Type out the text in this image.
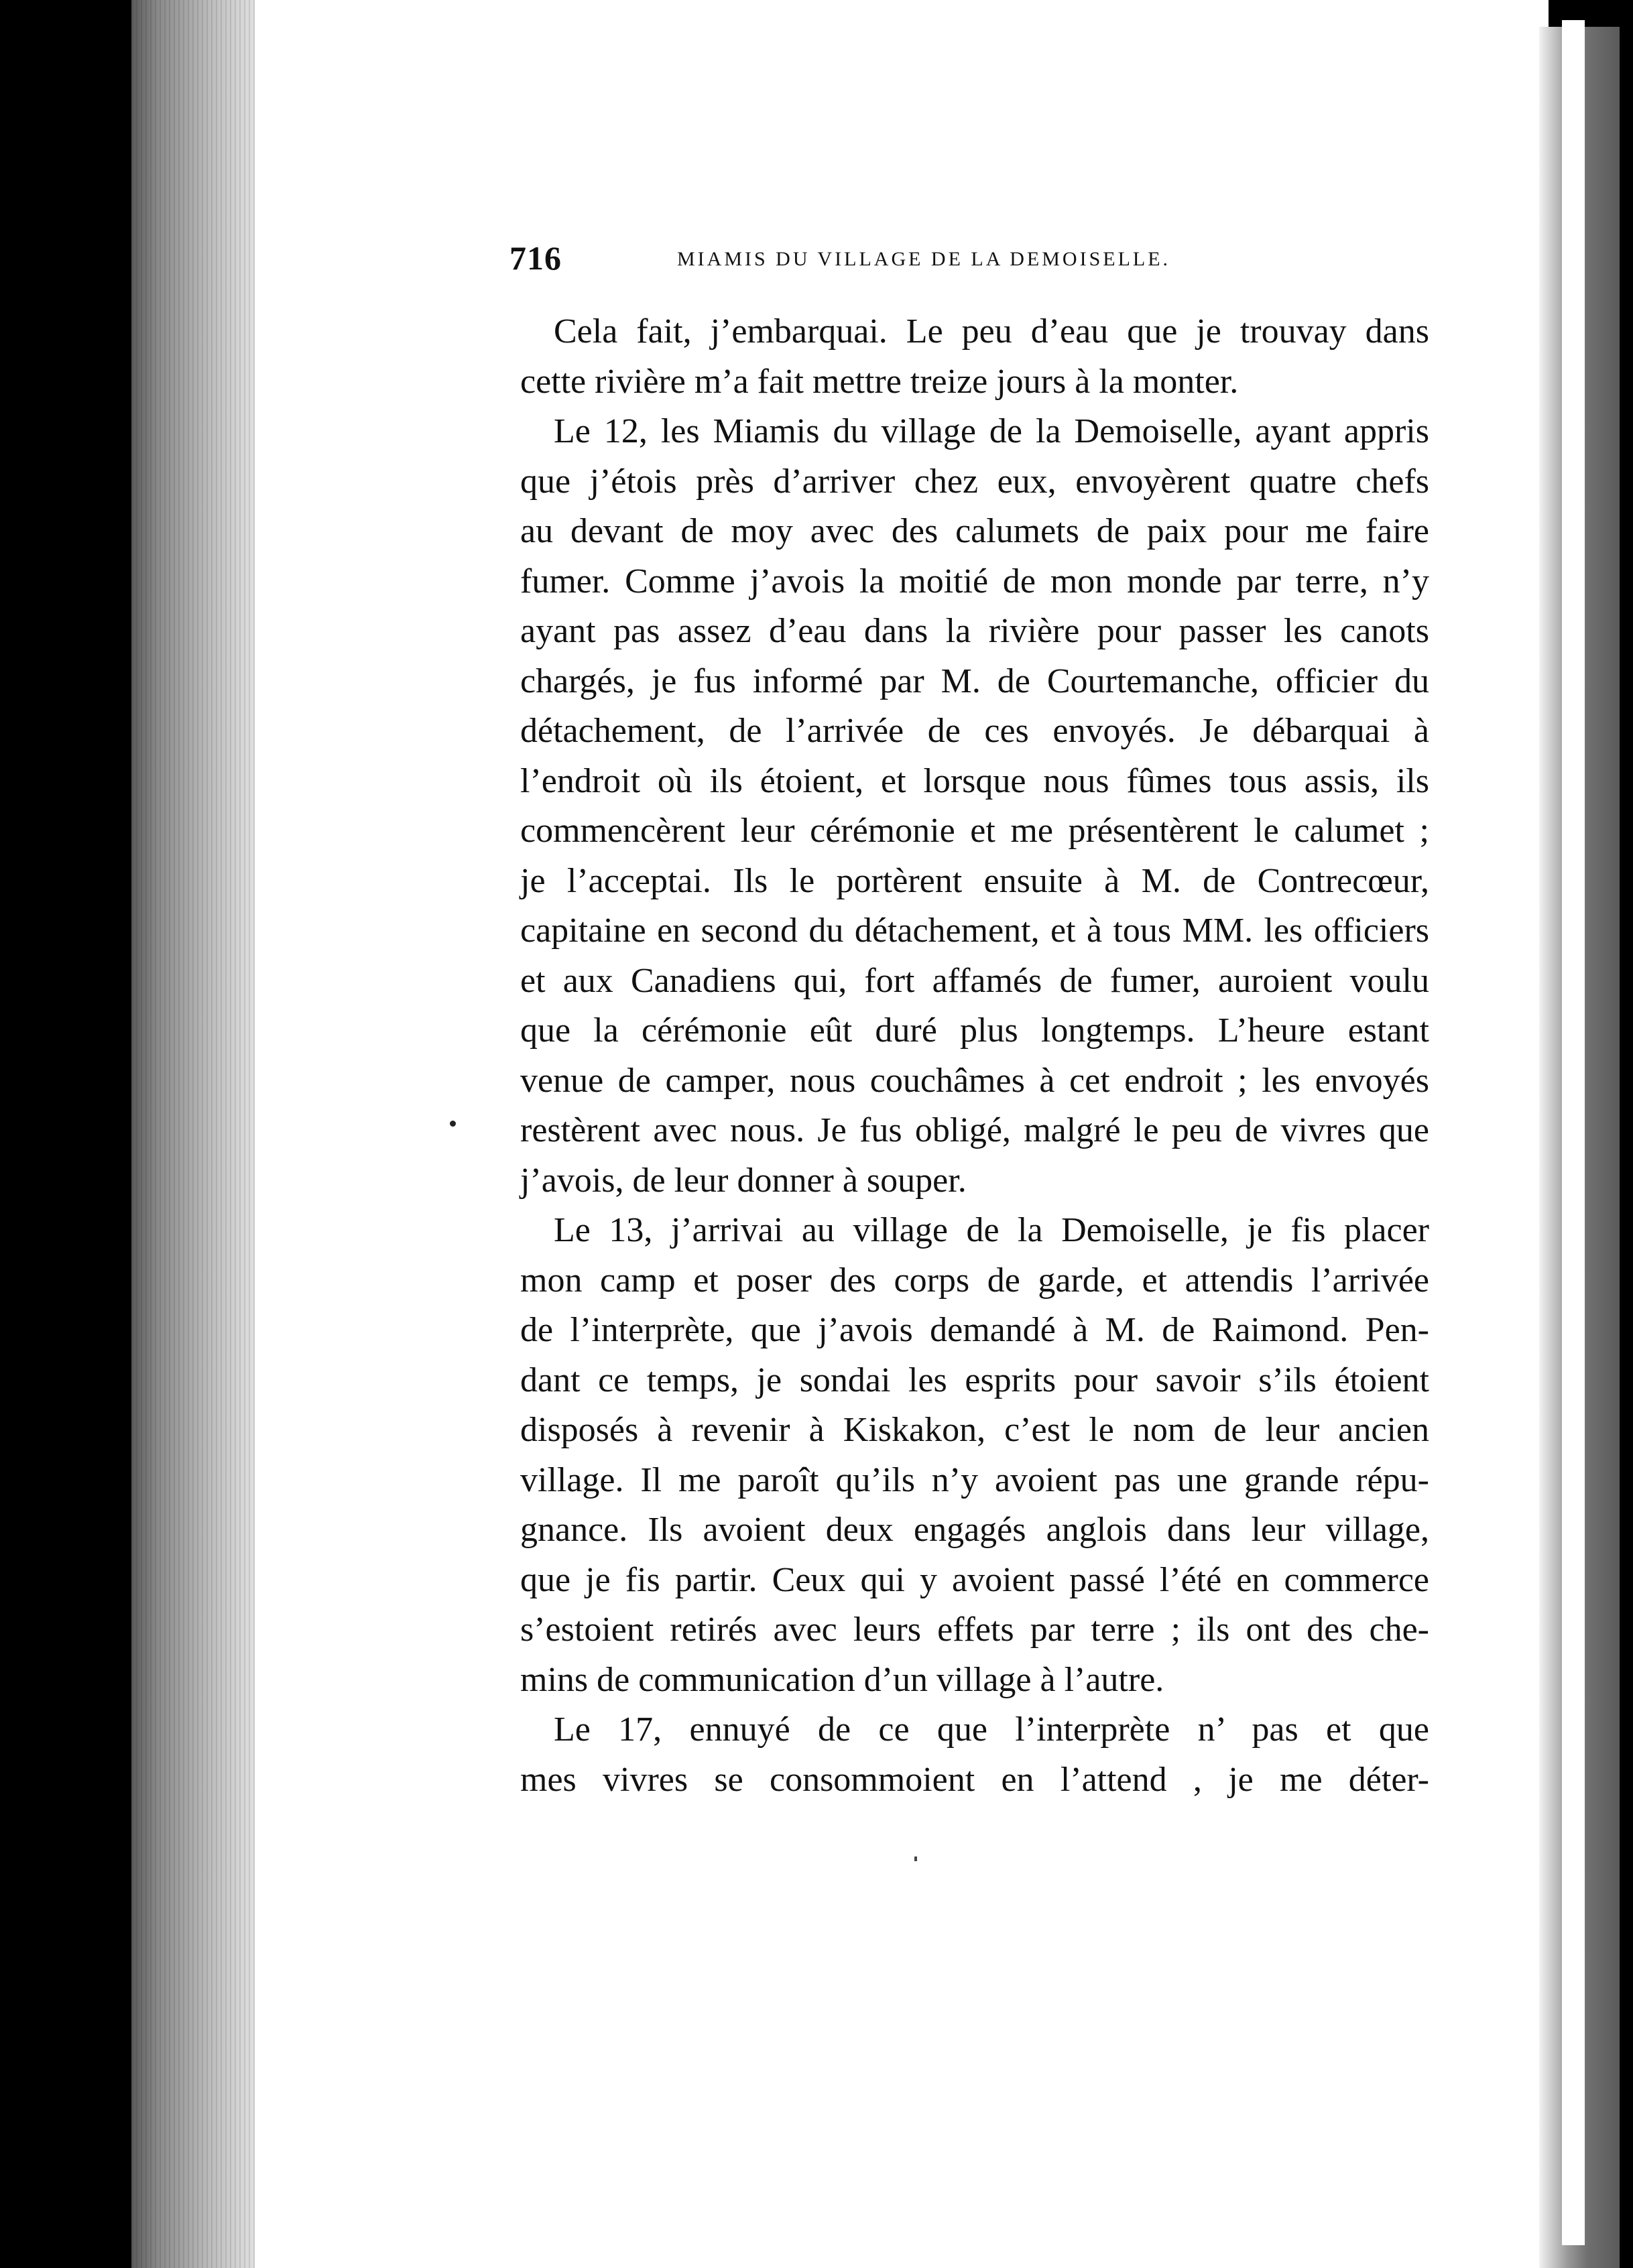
716	MIAMIS DU VILLAGE DE LA DEMOISELLE.
Cela fait, j’embarquai. Le peu d’eau que je trouvay dans
cette rivière m’a fait mettre treize jours à la monter.
Le 12, les Miamis du village de la Demoiselle, ayant appris
que j’étois près d’arriver chez eux, envoyèrent quatre chefs
au devant de moy avec des calumets de paix pour me faire
fumer. Comme j’avois la moitié de mon monde par terre, n’y
ayant pas assez d’eau dans la rivière pour passer les canots
chargés, je fus informé par M. de Courtemanche, officier du
détachement, de l’arrivée de ces envoyés. Je débarquai à
l’endroit où ils étoient, et lorsque nous fûmes tous assis, ils
commencèrent leur cérémonie et me présentèrent le calumet ;
je l’acceptai. Ils le portèrent ensuite à M. de Contrecœur,
capitaine en second du détachement, et à tous MM. les officiers
et aux Canadiens qui, fort affamés de fumer, auroient voulu
que la cérémonie eût duré plus longtemps. L’heure estant
venue de camper, nous couchâmes à cet endroit ; les envoyés
restèrent avec nous. Je fus obligé, malgré le peu de vivres que
j’avois, de leur donner à souper.
Le 13, j’arrivai au village de la Demoiselle, je fis placer
mon camp et poser des corps de garde, et attendis l’arrivée
de l’interprète, que j’avois demandé à M. de Raimond. Pen-
dant ce temps, je sondai les esprits pour savoir s’ils étoient
disposés à revenir à Kiskakon, c’est le nom de leur ancien
village. Il me paroît qu’ils n’y avoient pas une grande répu-
gnance. Ils avoient deux engagés anglois dans leur village,
que je fis partir. Ceux qui y avoient passé l’été en commerce
s’estoient retirés avec leurs effets par terre ; ils ont des che-
mins de communication d’un village à l’autre.
Le 17, ennuyé de ce que l’interprète n’ pas et que
mes vivres se consommoient en l’attend , je me déter-
